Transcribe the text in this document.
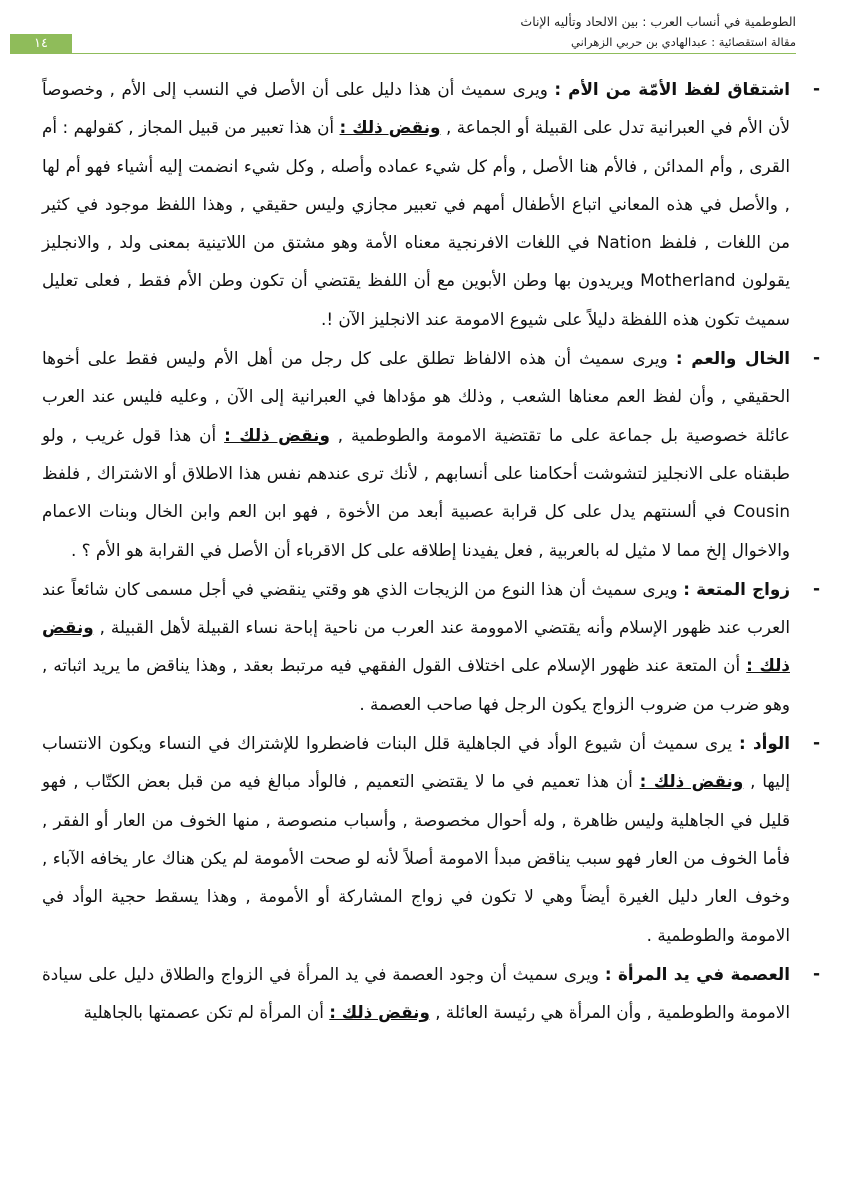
الطوطمية في أنساب العرب : بين الالحاد وتأليه الإناث
مقالة استقصائية : عبدالهادي بن حربي الزهراني
١٤
-
اشتقاق لفظ الأمّة من الأم : ويرى سميث أن هذا دليل على أن الأصل في النسب إلى الأم , وخصوصاً لأن الأم في العبرانية تدل على القبيلة أو الجماعة , ونقض ذلك : أن هذا تعبير من قبيل المجاز , كقولهم : أم القرى , وأم المدائن , فالأم هنا الأصل , وأم كل شيء عماده وأصله , وكل شيء انضمت إليه أشياء فهو أم لها , والأصل في هذه المعاني اتباع الأطفال أمهم في تعبير مجازي وليس حقيقي , وهذا اللفظ موجود في كثير من اللغات , فلفظ Nation في اللغات الافرنجية معناه الأمة وهو مشتق من اللاتينية بمعنى ولد , والانجليز يقولون Motherland ويريدون بها وطن الأبوين مع أن اللفظ يقتضي أن تكون وطن الأم فقط , فعلى تعليل سميث تكون هذه اللفظة دليلاً على شيوع الامومة عند الانجليز الآن !.
-
الخال والعم : ويرى سميث أن هذه الالفاظ تطلق على كل رجل من أهل الأم وليس فقط على أخوها الحقيقي , وأن لفظ العم معناها الشعب , وذلك هو مؤداها في العبرانية إلى الآن , وعليه فليس عند العرب عائلة خصوصية بل جماعة على ما تقتضية الامومة والطوطمية , ونقض ذلك : أن هذا قول غريب , ولو طبقناه على الانجليز لتشوشت أحكامنا على أنسابهم , لأنك ترى عندهم نفس هذا الاطلاق أو الاشتراك , فلفظ Cousin في ألسنتهم يدل على كل قرابة عصبية أبعد من الأخوة , فهو ابن العم وابن الخال وبنات الاعمام والاخوال إلخ مما لا مثيل له بالعربية , فعل يفيدنا إطلاقه على كل الاقرباء أن الأصل في القرابة هو الأم ؟ .
-
زواج المتعة : ويرى سميث أن هذا النوع من الزيجات الذي هو وقتي ينقضي في أجل مسمى كان شائعاً عند العرب عند ظهور الإسلام وأنه يقتضي الاموومة عند العرب من ناحية إباحة نساء القبيلة لأهل القبيلة , ونقض ذلك : أن المتعة عند ظهور الإسلام على اختلاف القول الفقهي فيه مرتبط بعقد , وهذا يناقض ما يريد اثباته , وهو ضرب من ضروب الزواج يكون الرجل فها صاحب العصمة .
-
الوأد : يرى سميث أن شيوع الوأد في الجاهلية قلل البنات فاضطروا للإشتراك في النساء ويكون الانتساب إليها , ونقض ذلك : أن هذا تعميم في ما لا يقتضي التعميم , فالوأد مبالغ فيه من قبل بعض الكتّاب , فهو قليل في الجاهلية وليس ظاهرة , وله أحوال مخصوصة , وأسباب منصوصة , منها الخوف من العار أو الفقر , فأما الخوف من العار فهو سبب يناقض مبدأ الامومة أصلاً لأنه لو صحت الأمومة لم يكن هناك عار يخافه الآباء , وخوف العار دليل الغيرة أيضاً وهي لا تكون في زواج المشاركة أو الأمومة , وهذا يسقط حجية الوأد في الامومة والطوطمية .
-
العصمة في يد المرأة : ويرى سميث أن وجود العصمة في يد المرأة في الزواج والطلاق دليل على سيادة الامومة والطوطمية , وأن المرأة هي رئيسة العائلة , ونقض ذلك : أن المرأة لم تكن عصمتها بالجاهلية
